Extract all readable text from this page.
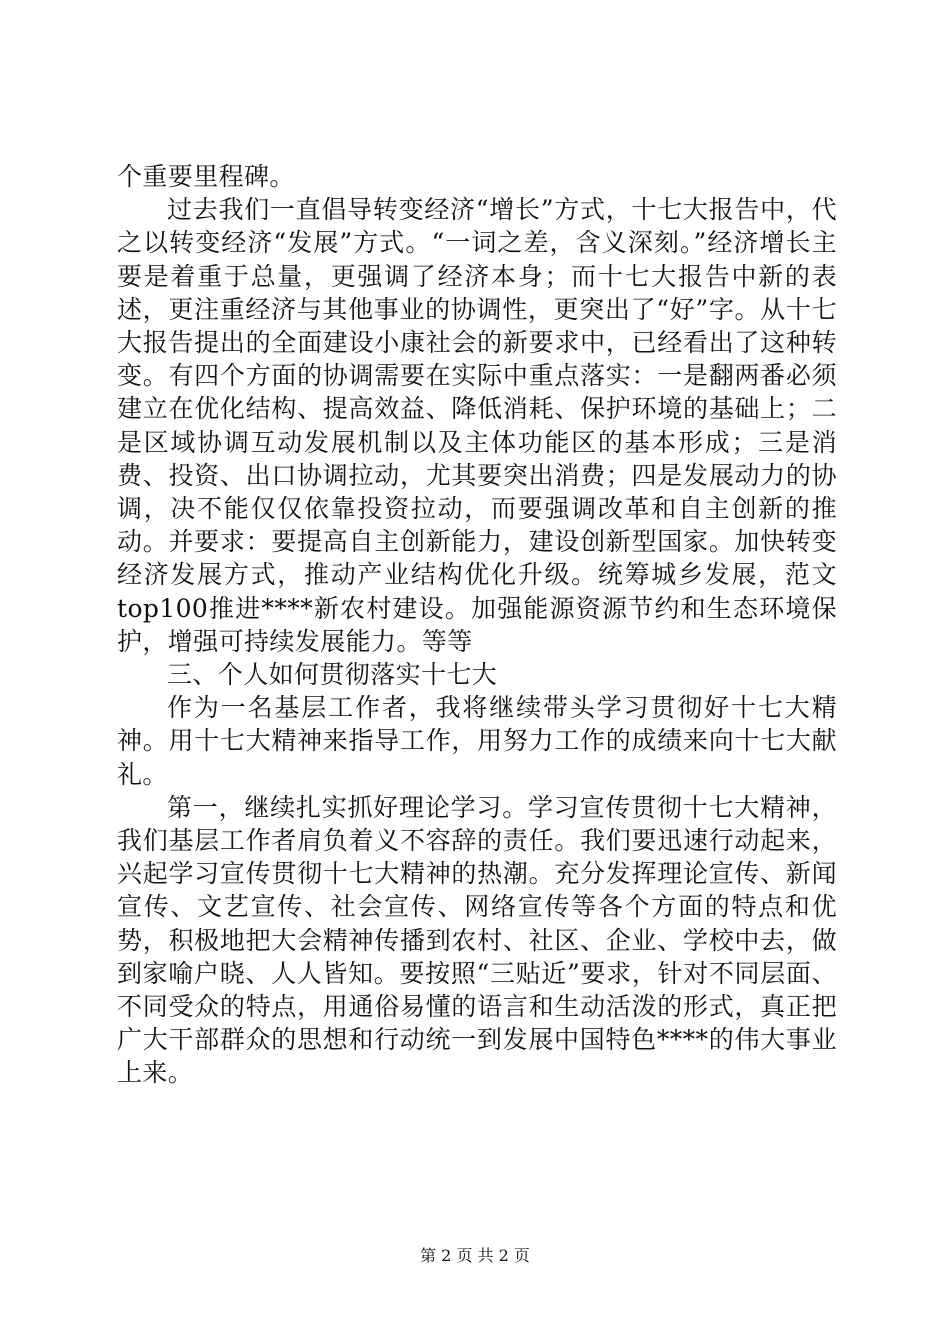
个重要里程碑。

过去我们一直倡导转变经济“增长”方式，十七大报告中，代之以转变经济“发展”方式。“一词之差，含义深刻。”经济增长主要是着重于总量，更强调了经济本身；而十七大报告中新的表述，更注重经济与其他事业的协调性，更突出了“好”字。从十七大报告提出的全面建设小康社会的新要求中，已经看出了这种转变。有四个方面的协调需要在实际中重点落实：一是翻两番必须建立在优化结构、提高效益、降低消耗、保护环境的基础上；二是区域协调互动发展机制以及主体功能区的基本形成；三是消费、投资、出口协调拉动，尤其要突出消费；四是发展动力的协调，决不能仅仅依靠投资拉动，而要强调改革和自主创新的推动。并要求：要提高自主创新能力，建设创新型国家。加快转变经济发展方式，推动产业结构优化升级。统筹城乡发展，范文top100推进****新农村建设。加强能源资源节约和生态环境保护，增强可持续发展能力。等等

三、个人如何贯彻落实十七大

作为一名基层工作者，我将继续带头学习贯彻好十七大精神。用十七大精神来指导工作，用努力工作的成绩来向十七大献礼。

第一，继续扎实抓好理论学习。学习宣传贯彻十七大精神，我们基层工作者肩负着义不容辞的责任。我们要迅速行动起来，兴起学习宣传贯彻十七大精神的热潮。充分发挥理论宣传、新闻宣传、文艺宣传、社会宣传、网络宣传等各个方面的特点和优势，积极地把大会精神传播到农村、社区、企业、学校中去，做到家喻户晓、人人皆知。要按照“三贴近”要求，针对不同层面、不同受众的特点，用通俗易懂的语言和生动活泼的形式，真正把广大干部群众的思想和行动统一到发展中国特色****的伟大事业上来。

第 2 页 共 2 页
